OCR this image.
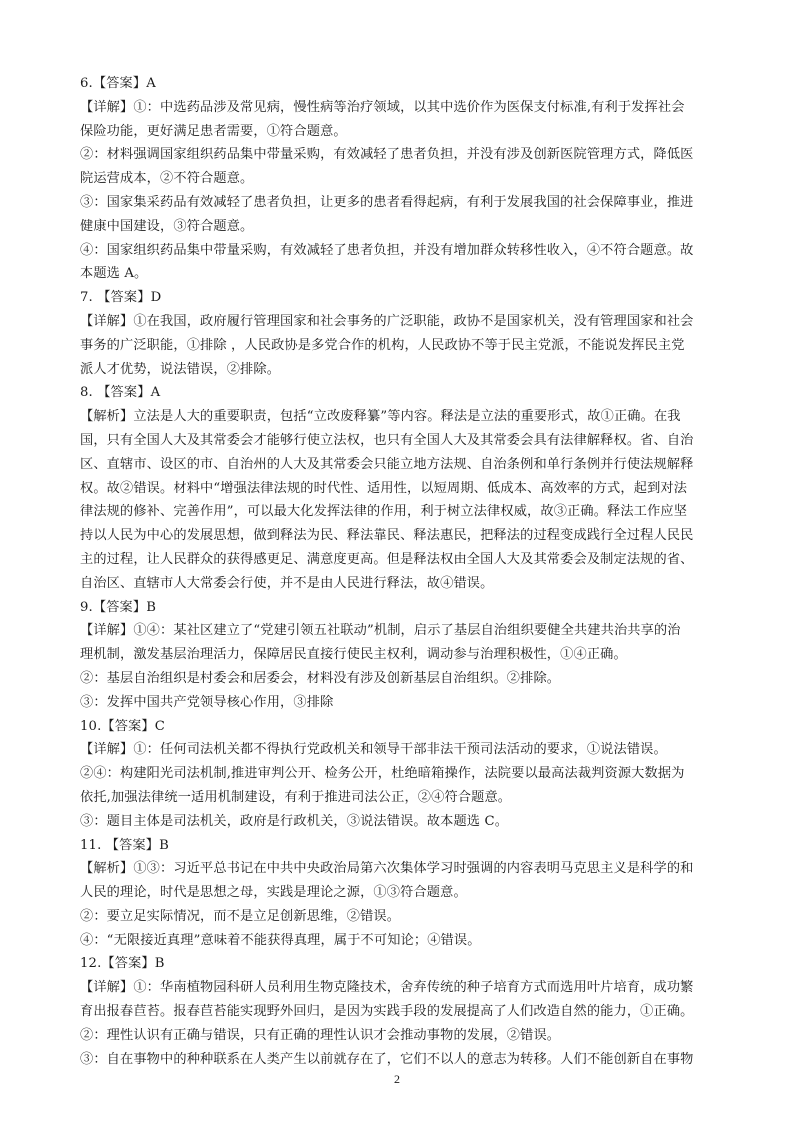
6.【答案】A
【详解】①：中选药品涉及常见病，慢性病等治疗领域，以其中选价作为医保支付标准,有利于发挥社会
保险功能，更好满足患者需要，①符合题意。
②：材料强调国家组织药品集中带量采购，有效减轻了患者负担，并没有涉及创新医院管理方式，降低医
院运营成本，②不符合题意。
③：国家集采药品有效减轻了患者负担，让更多的患者看得起病，有利于发展我国的社会保障事业，推进
健康中国建设，③符合题意。
④：国家组织药品集中带量采购，有效减轻了患者负担，并没有增加群众转移性收入，④不符合题意。故
本题选 A。
7. 【答案】D
【详解】①在我国，政府履行管理国家和社会事务的广泛职能，政协不是国家机关，没有管理国家和社会
事务的广泛职能，①排除 ，人民政协是多党合作的机构，人民政协不等于民主党派，不能说发挥民主党
派人才优势，说法错误，②排除。
8. 【答案】A
【解析】立法是人大的重要职责，包括“立改废释纂”等内容。释法是立法的重要形式，故①正确。在我
国，只有全国人大及其常委会才能够行使立法权，也只有全国人大及其常委会具有法律解释权。省、自治
区、直辖市、设区的市、自治州的人大及其常委会只能立地方法规、自治条例和单行条例并行使法规解释
权。故②错误。材料中“增强法律法规的时代性、适用性，以短周期、低成本、高效率的方式，起到对法
律法规的修补、完善作用”，可以最大化发挥法律的作用，利于树立法律权威，故③正确。释法工作应坚
持以人民为中心的发展思想，做到释法为民、释法靠民、释法惠民，把释法的过程变成践行全过程人民民
主的过程，让人民群众的获得感更足、满意度更高。但是释法权由全国人大及其常委会及制定法规的省、
自治区、直辖市人大常委会行使，并不是由人民进行释法，故④错误。
9.【答案】B
【详解】①④：某社区建立了“党建引领五社联动”机制，启示了基层自治组织要健全共建共治共享的治
理机制，激发基层治理活力，保障居民直接行使民主权利，调动参与治理积极性，①④正确。
②：基层自治组织是村委会和居委会，材料没有涉及创新基层自治组织。②排除。
③：发挥中国共产党领导核心作用，③排除
10.【答案】C
【详解】①：任何司法机关都不得执行党政机关和领导干部非法干预司法活动的要求，①说法错误。
②④：构建阳光司法机制,推进审判公开、检务公开，杜绝暗箱操作，法院要以最高法裁判资源大数据为
依托,加强法律统一适用机制建设，有利于推进司法公正，②④符合题意。
③：题目主体是司法机关，政府是行政机关，③说法错误。故本题选 C。
11. 【答案】B
【解析】①③：习近平总书记在中共中央政治局第六次集体学习时强调的内容表明马克思主义是科学的和
人民的理论，时代是思想之母，实践是理论之源，①③符合题意。
②：要立足实际情况，而不是立足创新思维，②错误。
④：“无限接近真理”意味着不能获得真理，属于不可知论；④错误。
12.【答案】B
【详解】①：华南植物园科研人员利用生物克隆技术，舍弃传统的种子培育方式而选用叶片培育，成功繁
育出报春苣苔。报春苣苔能实现野外回归，是因为实践手段的发展提高了人们改造自然的能力，①正确。
②：理性认识有正确与错误，只有正确的理性认识才会推动事物的发展，②错误。
③：自在事物中的种种联系在人类产生以前就存在了，它们不以人的意志为转移。人们不能创新自在事物
2
